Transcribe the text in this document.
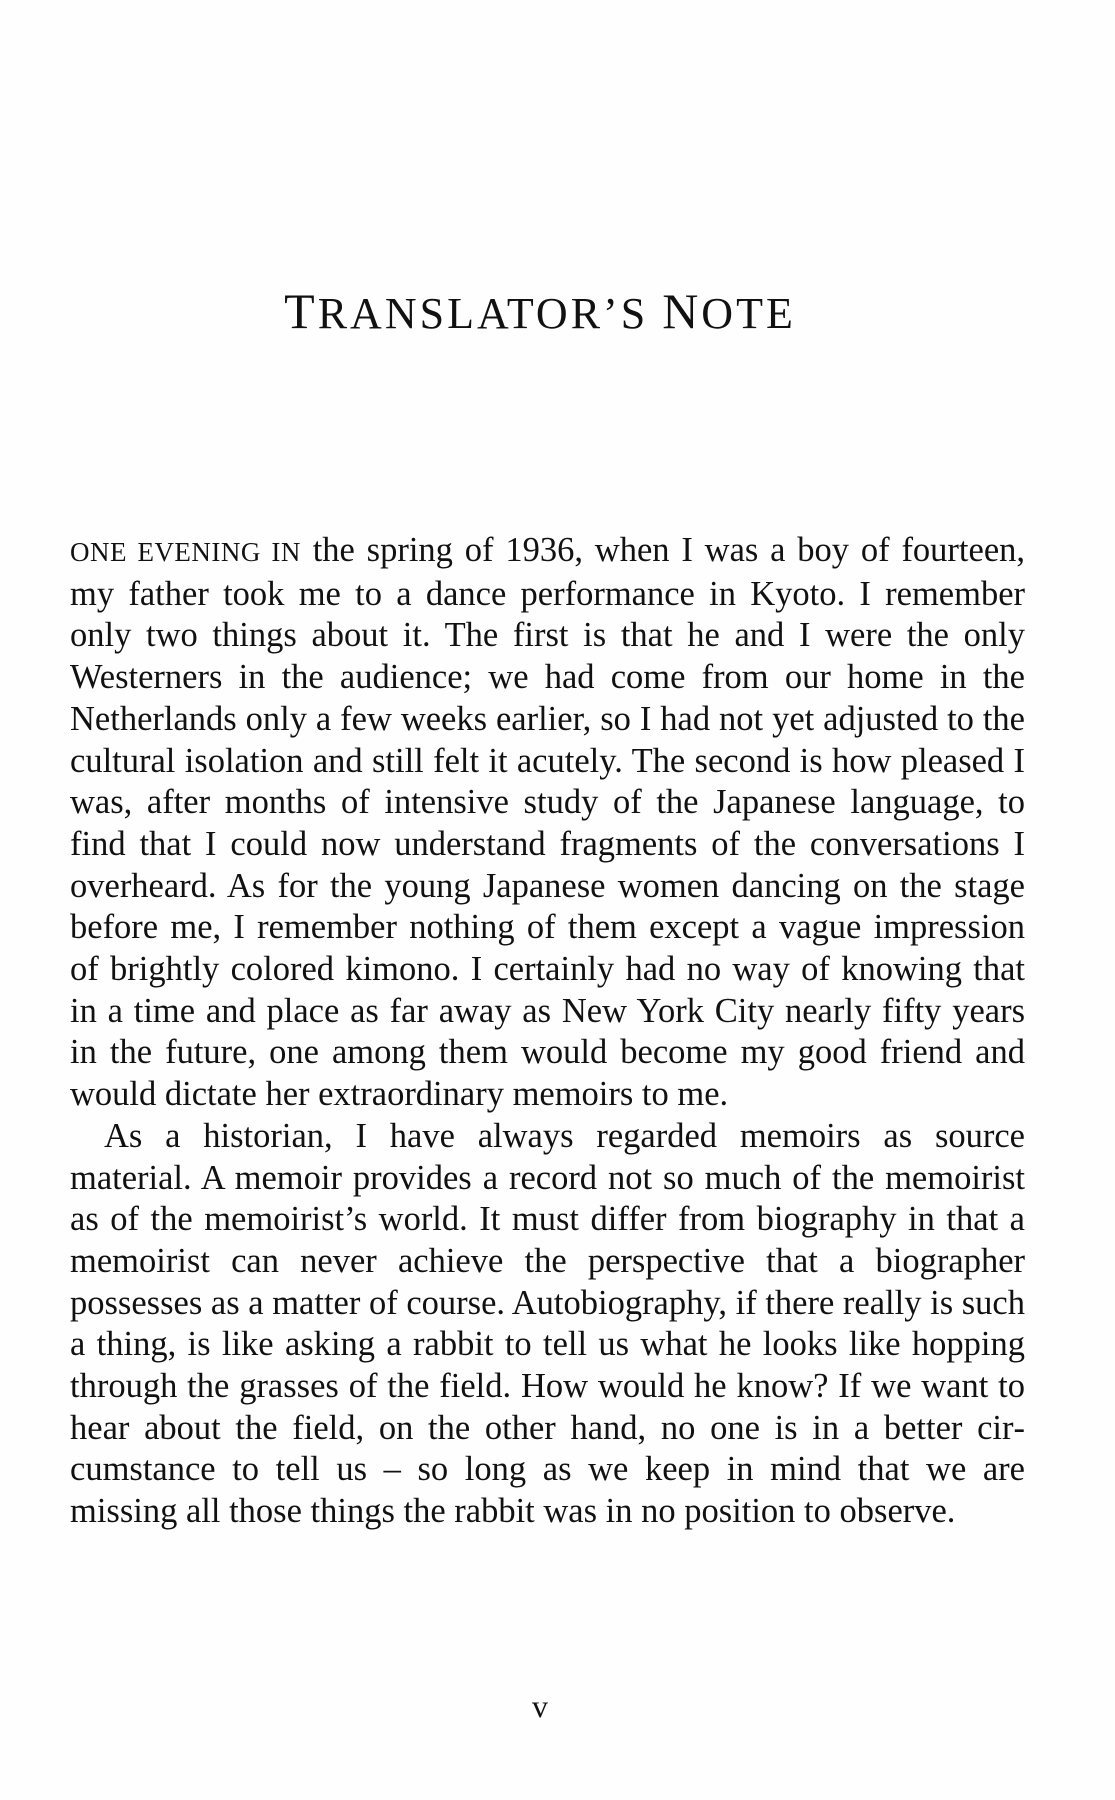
TRANSLATOR’S NOTE

ONE EVENING IN the spring of 1936, when I was a boy of fourteen, my father took me to a dance performance in Kyoto. I remember only two things about it. The first is that he and I were the only Westerners in the audience; we had come from our home in the Netherlands only a few weeks earlier, so I had not yet adjusted to the cultural isolation and still felt it acutely. The second is how pleased I was, after months of intensive study of the Japanese language, to find that I could now understand fragments of the conversations I overheard. As for the young Japanese women dancing on the stage before me, I remember nothing of them except a vague impression of brightly colored kimono. I certainly had no way of knowing that in a time and place as far away as New York City nearly fifty years in the future, one among them would become my good friend and would dictate her extraordinary memoirs to me.

As a historian, I have always regarded memoirs as source material. A memoir provides a record not so much of the memoirist as of the memoirist’s world. It must differ from biography in that a memoirist can never achieve the perspective that a biographer possesses as a matter of course. Autobiography, if there really is such a thing, is like asking a rabbit to tell us what he looks like hopping through the grasses of the field. How would he know? If we want to hear about the field, on the other hand, no one is in a better circumstance to tell us – so long as we keep in mind that we are missing all those things the rabbit was in no position to observe.

v
